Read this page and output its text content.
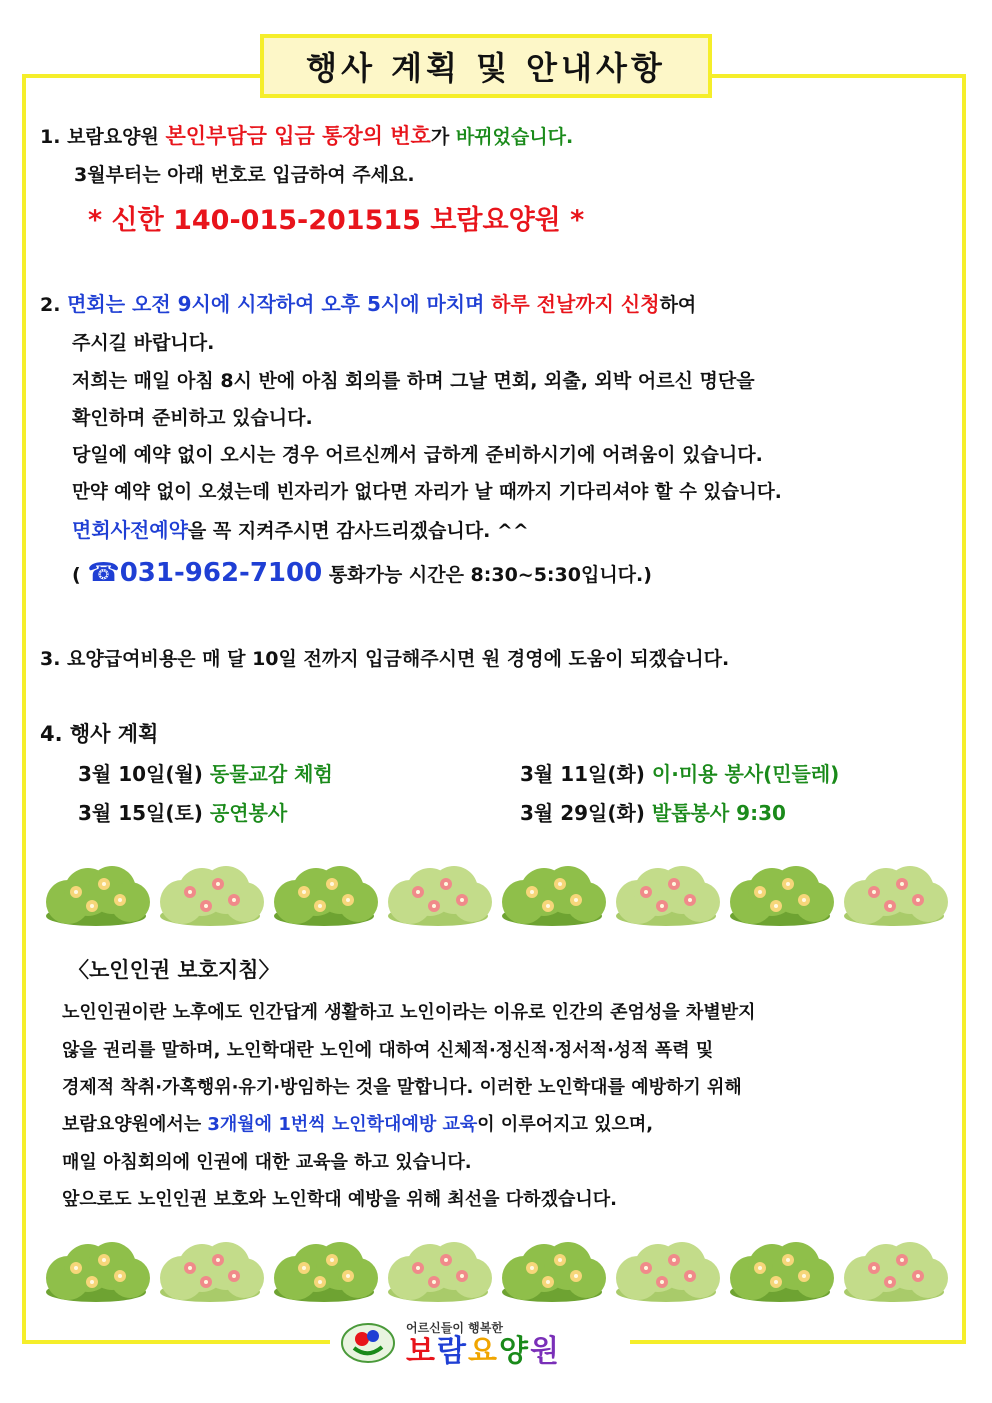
행사 계획 및 안내사항
1. 보람요양원 본인부담금 입금 통장의 번호가 바뀌었습니다.
3월부터는 아래 번호로 입금하여 주세요.
* 신한 140-015-201515 보람요양원 *
2. 면회는 오전 9시에 시작하여 오후 5시에 마치며 하루 전날까지 신청하여
주시길 바랍니다.
저희는 매일 아침 8시 반에 아침 회의를 하며 그날 면회, 외출, 외박 어르신 명단을
확인하며 준비하고 있습니다.
당일에 예약 없이 오시는 경우 어르신께서 급하게 준비하시기에 어려움이 있습니다.
만약 예약 없이 오셨는데 빈자리가 없다면 자리가 날 때까지 기다리셔야 할 수 있습니다.
면회사전예약을 꼭 지켜주시면 감사드리겠습니다. ^^
( ☎031-962-7100 통화가능 시간은 8:30~5:30입니다.)
3. 요양급여비용은 매 달 10일 전까지 입금해주시면 원 경영에 도움이 되겠습니다.
4. 행사 계획
3월 10일(월) 동물교감 체험	3월 11일(화) 이·미용 봉사(민들레)
3월 15일(토) 공연봉사	3월 29일(화) 발톱봉사 9:30
〈노인인권 보호지침〉
노인인권이란 노후에도 인간답게 생활하고 노인이라는 이유로 인간의 존엄성을 차별받지
않을 권리를 말하며, 노인학대란 노인에 대하여 신체적·정신적·정서적·성적 폭력 및
경제적 착취·가혹행위·유기·방임하는 것을 말합니다. 이러한 노인학대를 예방하기 위해
보람요양원에서는 3개월에 1번씩 노인학대예방 교육이 이루어지고 있으며,
매일 아침회의에 인권에 대한 교육을 하고 있습니다.
앞으로도 노인인권 보호와 노인학대 예방을 위해 최선을 다하겠습니다.
어르신들이 행복한
보람요양원
